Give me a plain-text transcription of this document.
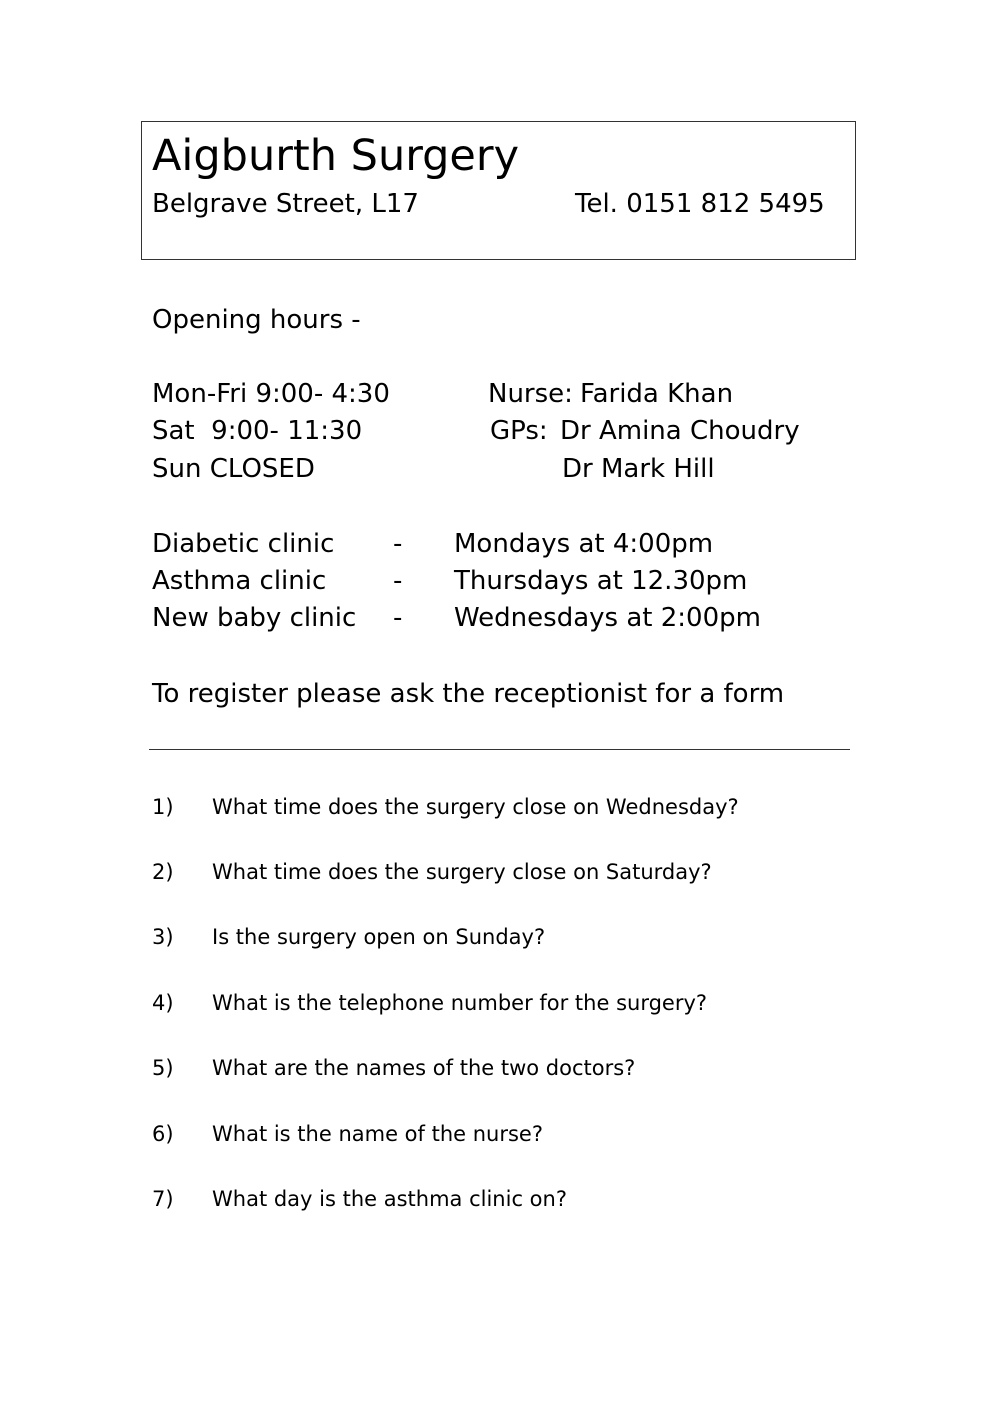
Aigburth Surgery
Belgrave Street, L17	Tel. 0151 812 5495
Opening hours -
Mon-Fri 9:00- 4:30
Sat  9:00- 11:30
Sun CLOSED
Nurse: Farida Khan
GPs: Dr Amina Choudry
Dr Mark Hill
Diabetic clinic - Mondays at 4:00pm
Asthma clinic	- Thursdays at 12.30pm
New baby clinic - Wednesdays at 2:00pm
To register please ask the receptionist for a form
1) What time does the surgery close on Wednesday?
2) What time does the surgery close on Saturday?
3) Is the surgery open on Sunday?
4) What is the telephone number for the surgery?
5) What are the names of the two doctors?
6) What is the name of the nurse?
7) What day is the asthma clinic on?
